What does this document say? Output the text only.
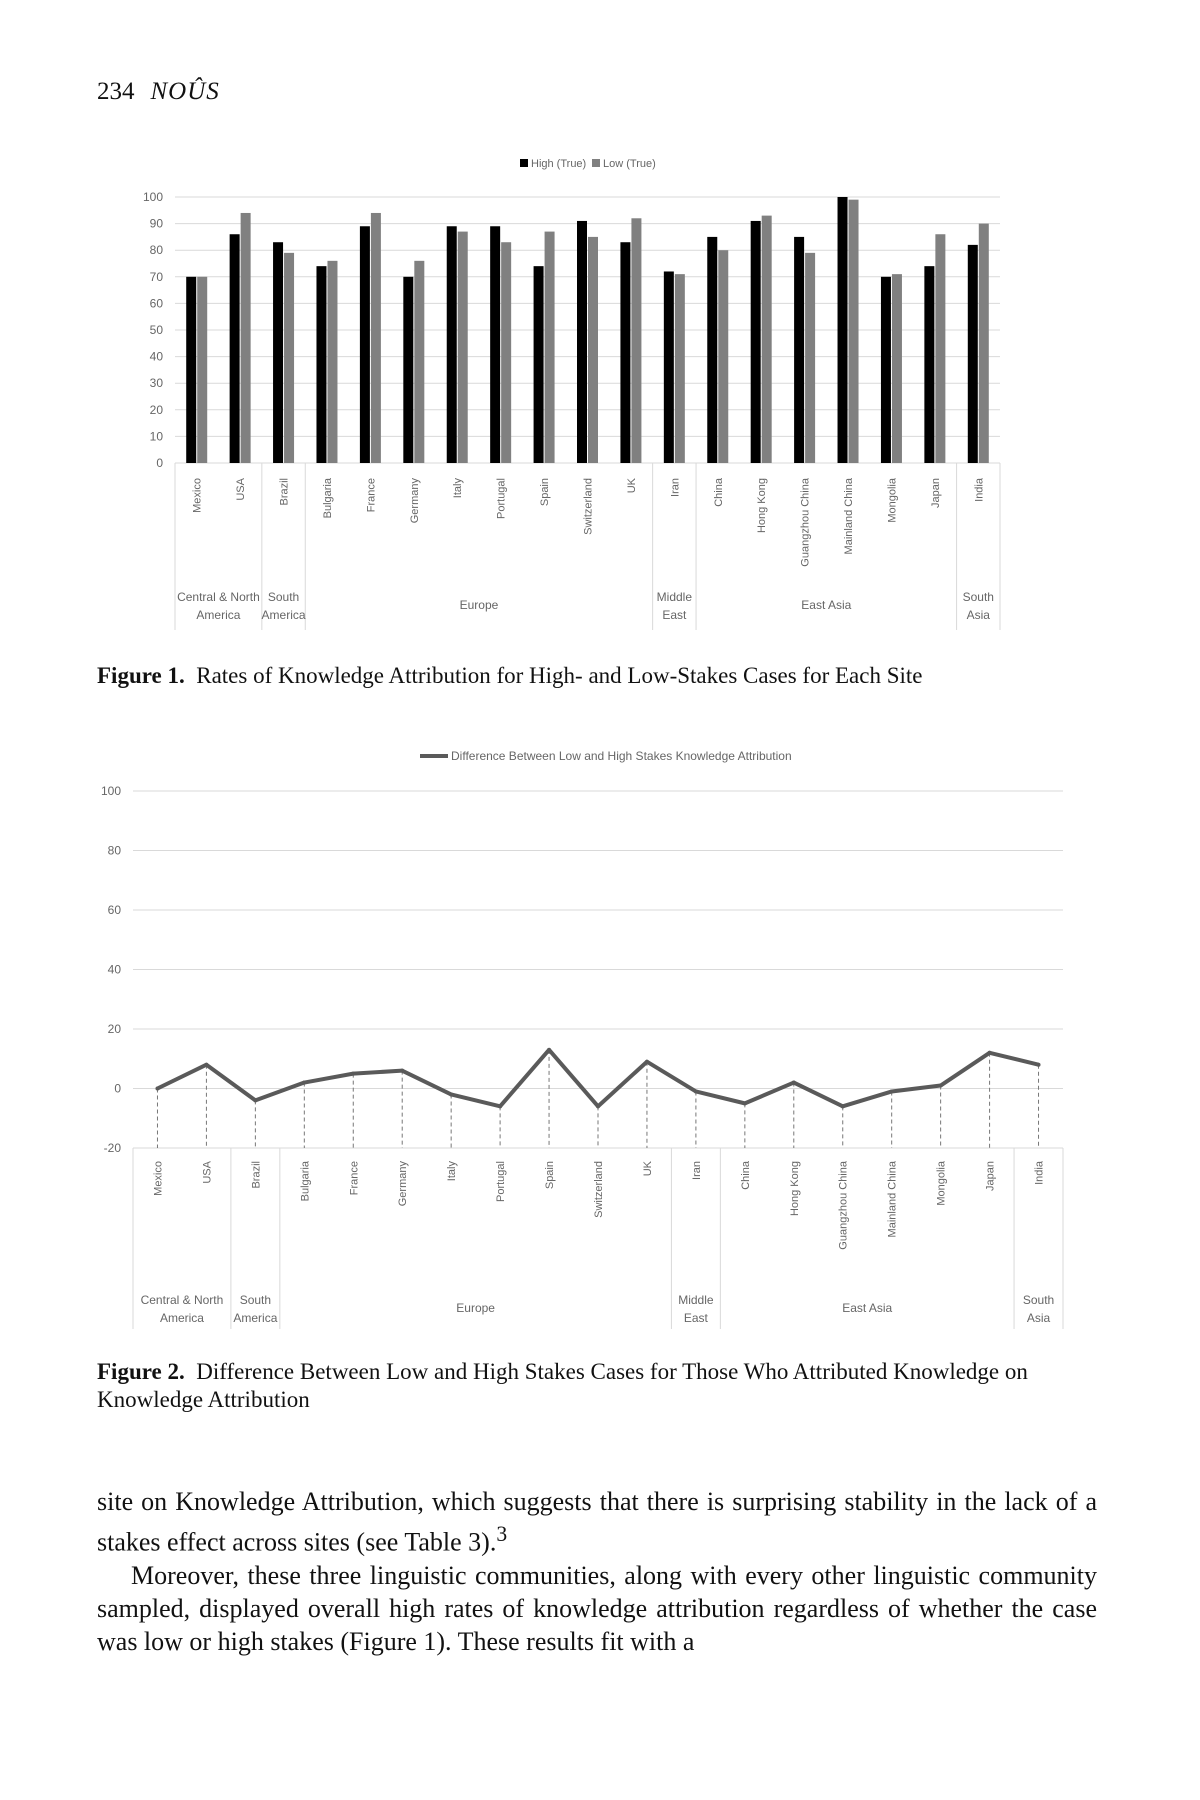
234 NOÛS
0
10
20
30
40
50
60
70
80
90
100
Mexico	USA	Brazil	Bulgaria	France	Germany	Italy	Portugal	Spain	Switzerland	UK	Iran	China	Hong Kong	Guangzhou China	Mainland China	Mongolia	Japan	India
Central & North
America
South
America
Europe
Middle
East
East Asia
South
Asia
High (True) Low (True)
Figure 1. Rates of Knowledge Attribution for High- and Low-Stakes Cases for Each Site
-20
0
20
40
60
80
100
Mexico	USA	Brazil	Bulgaria	France	Germany	Italy	Portugal	Spain	Switzerland	UK	Iran	China	Hong Kong	Guangzhou China	Mainland China	Mongolia	Japan	India
Central & North
America
South
America
Europe
Middle
East
East Asia
South
Asia
Difference Between Low and High Stakes Knowledge Attribution
Figure 2. Difference Between Low and High Stakes Cases for Those Who Attributed Knowledge on Knowledge Attribution

site on Knowledge Attribution, which suggests that there is surprising stability in the lack of a stakes effect across sites (see Table 3).$^3$

Moreover, these three linguistic communities, along with every other linguistic community sampled, displayed overall high rates of knowledge attribution regardless of whether the case was low or high stakes (Figure 1). These results fit with a
